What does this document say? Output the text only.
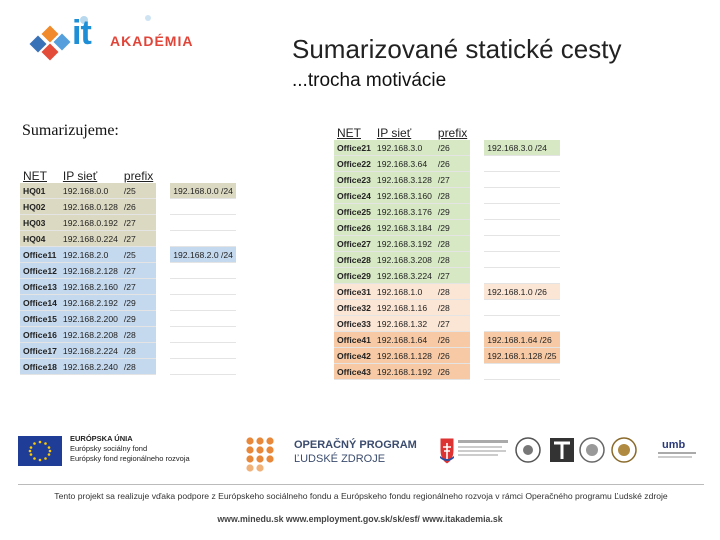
it AKADÉMIA	Sumarizované statické cesty
...trocha motivácie
Sumarizujeme:
NET	IP sieť	prefix		
HQ01	192.168.0.0	/25		192.168.0.0 /24
HQ02	192.168.0.128	/26		
HQ03	192.168.0.192	/27		
HQ04	192.168.0.224	/27		
Office11	192.168.2.0	/25		192.168.2.0 /24
Office12	192.168.2.128	/27		
Office13	192.168.2.160	/27		
Office14	192.168.2.192	/29		
Office15	192.168.2.200	/29		
Office16	192.168.2.208	/28		
Office17	192.168.2.224	/28		
Office18	192.168.2.240	/28		
NET	IP sieť	prefix		
Office21	192.168.3.0	/26		192.168.3.0 /24
Office22	192.168.3.64	/26		
Office23	192.168.3.128	/27		
Office24	192.168.3.160	/28		
Office25	192.168.3.176	/29		
Office26	192.168.3.184	/29		
Office27	192.168.3.192	/28		
Office28	192.168.3.208	/28		
Office29	192.168.3.224	/27		
Office31	192.168.1.0	/28		192.168.1.0 /26
Office32	192.168.1.16	/28		
Office33	192.168.1.32	/27		
Office41	192.168.1.64	/26		192.168.1.64 /26
Office42	192.168.1.128	/26		192.168.1.128 /25
Office43	192.168.1.192	/26		
EURÓPSKA ÚNIA
Európsky sociálny fond
Európsky fond regionálneho rozvoja
OPERAČNÝ PROGRAM
ĽUDSKÉ ZDROJE
umb
Tento projekt sa realizuje vďaka podpore z Európskeho sociálneho fondu a Európskeho fondu regionálneho rozvoja v rámci Operačného programu Ľudské zdroje
www.minedu.sk www.employment.gov.sk/sk/esf/ www.itakademia.sk
